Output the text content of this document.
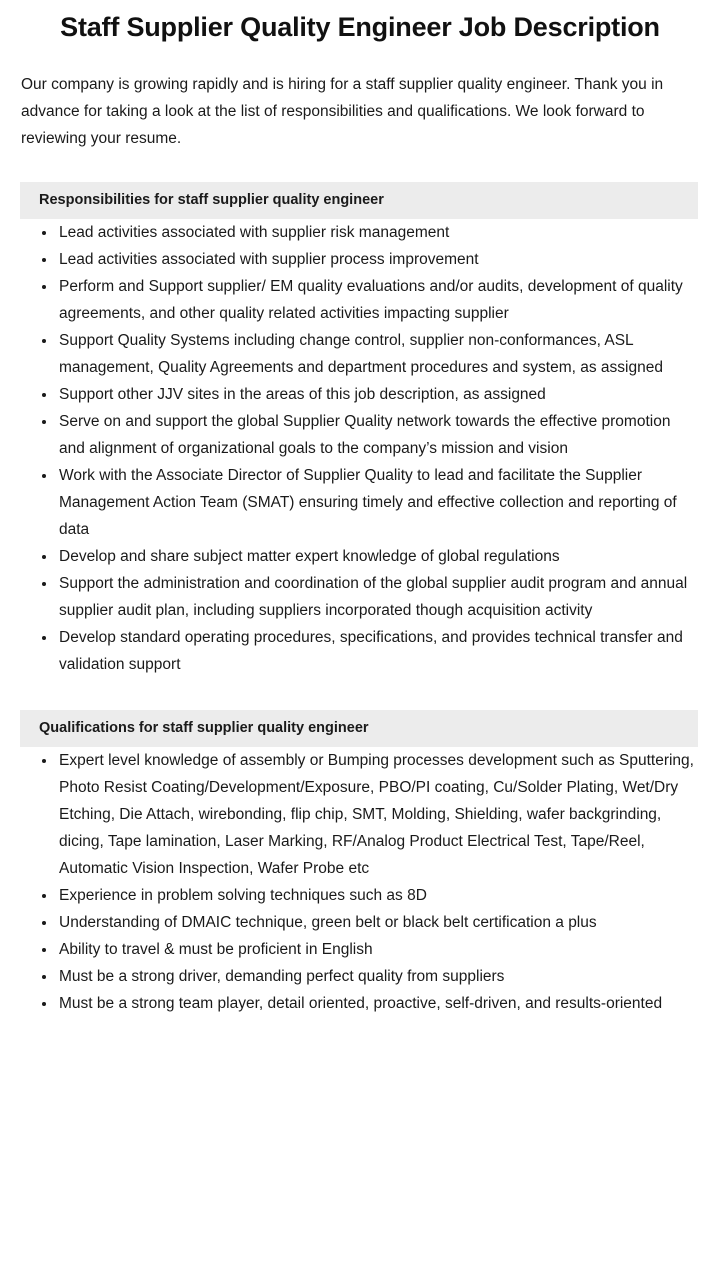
Staff Supplier Quality Engineer Job Description

Our company is growing rapidly and is hiring for a staff supplier quality engineer. Thank you in advance for taking a look at the list of responsibilities and qualifications. We look forward to reviewing your resume.

Responsibilities for staff supplier quality engineer
Lead activities associated with supplier risk management
Lead activities associated with supplier process improvement
Perform and Support supplier/ EM quality evaluations and/or audits, development of quality agreements, and other quality related activities impacting supplier
Support Quality Systems including change control, supplier non-conformances, ASL management, Quality Agreements and department procedures and system, as assigned
Support other JJV sites in the areas of this job description, as assigned
Serve on and support the global Supplier Quality network towards the effective promotion and alignment of organizational goals to the company’s mission and vision
Work with the Associate Director of Supplier Quality to lead and facilitate the Supplier Management Action Team (SMAT) ensuring timely and effective collection and reporting of data
Develop and share subject matter expert knowledge of global regulations
Support the administration and coordination of the global supplier audit program and annual supplier audit plan, including suppliers incorporated though acquisition activity
Develop standard operating procedures, specifications, and provides technical transfer and validation support
Qualifications for staff supplier quality engineer
Expert level knowledge of assembly or Bumping processes development such as Sputtering, Photo Resist Coating/Development/Exposure, PBO/PI coating, Cu/Solder Plating, Wet/Dry Etching, Die Attach, wirebonding, flip chip, SMT, Molding, Shielding, wafer backgrinding, dicing, Tape lamination, Laser Marking, RF/Analog Product Electrical Test, Tape/Reel, Automatic Vision Inspection, Wafer Probe etc
Experience in problem solving techniques such as 8D
Understanding of DMAIC technique, green belt or black belt certification a plus
Ability to travel & must be proficient in English
Must be a strong driver, demanding perfect quality from suppliers
Must be a strong team player, detail oriented, proactive, self-driven, and results-oriented
